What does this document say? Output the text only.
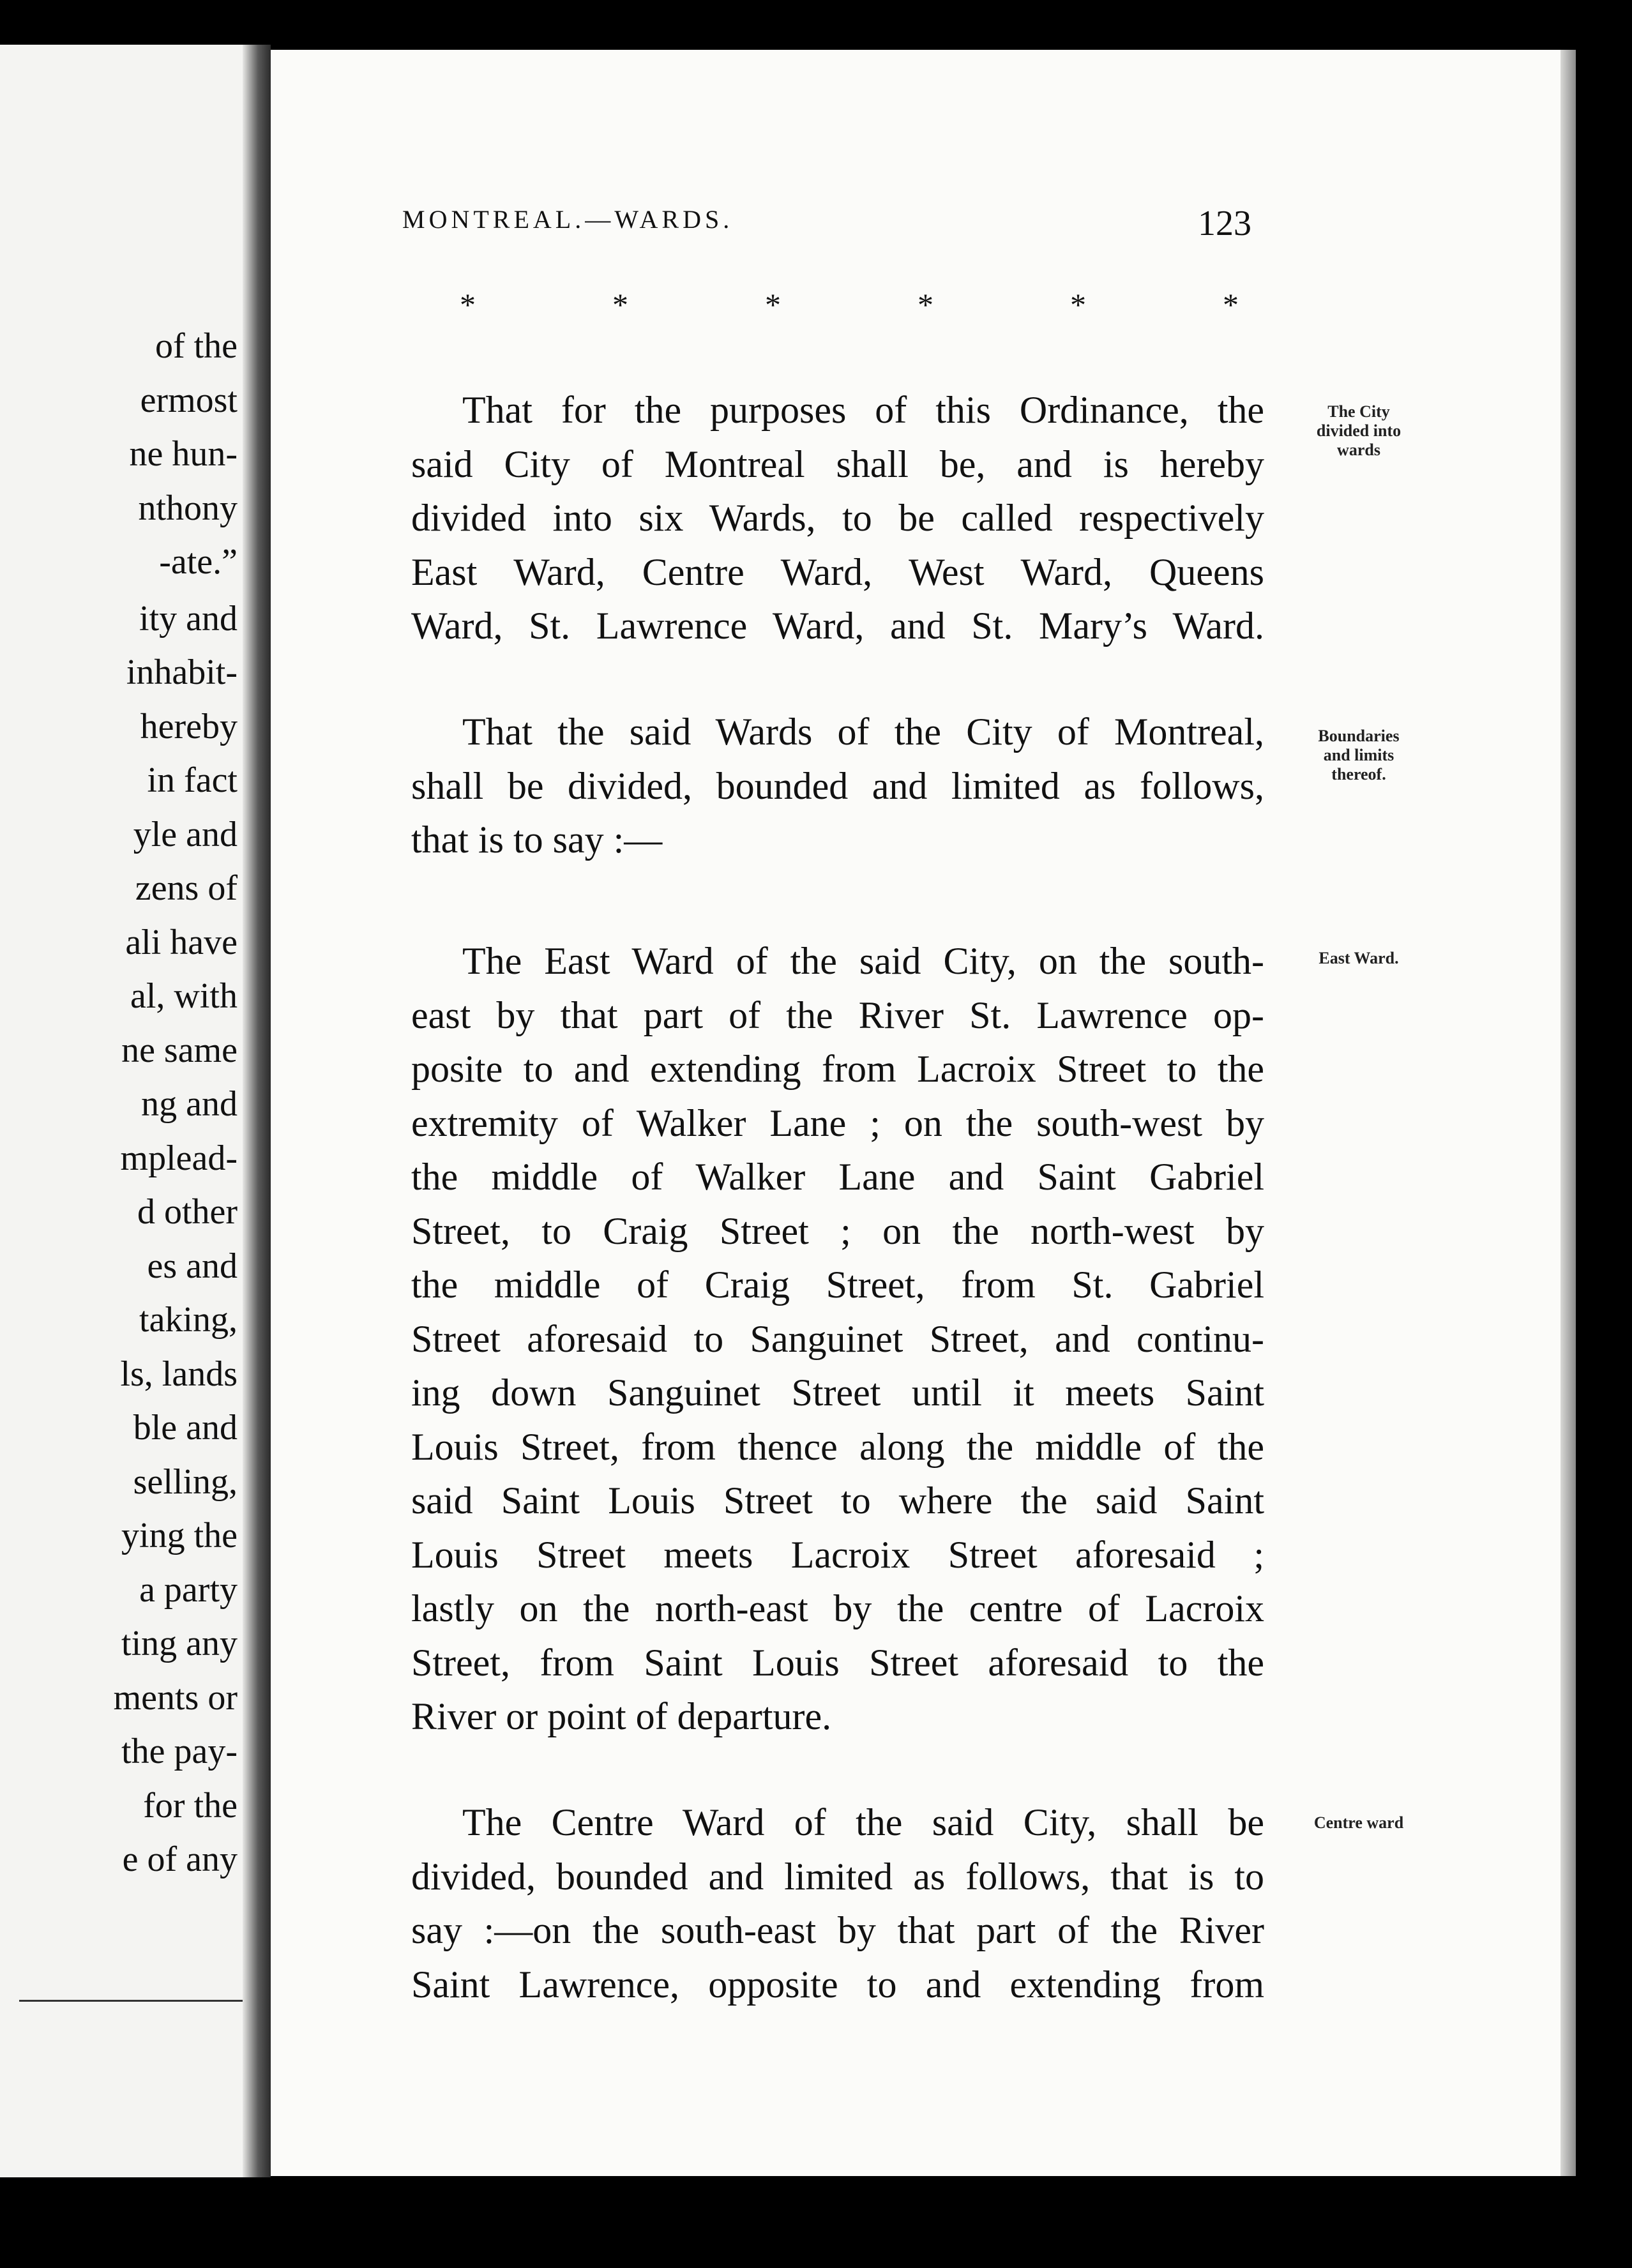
of the
ermost
ne hun-
nthony
-ate.”
ity and
inhabit-
hereby
in fact
yle and
zens of
ali have
al, with
ne same
ng and
mplead-
d other
es and
taking,
ls, lands
ble and
selling,
ying the
a party
ting any
ments or
the pay-
for the
e of any
MONTREAL.—WARDS.	123
*	*	*	*	*	*
That for the purposes of this Ordinance, the
said City of Montreal shall be, and is hereby
divided into six Wards, to be called respectively
East Ward, Centre Ward, West Ward, Queens
Ward, St. Lawrence Ward, and St. Mary’s Ward.
The City
divided into
wards
That the said Wards of the City of Montreal,
shall be divided, bounded and limited as follows,
that is to say :—
Boundaries
and limits
thereof.
The East Ward of the said City, on the south-
east by that part of the River St. Lawrence op-
posite to and extending from Lacroix Street to the
extremity of Walker Lane ; on the south-west by
the middle of Walker Lane and Saint Gabriel
Street, to Craig Street ; on the north-west by
the middle of Craig Street, from St. Gabriel
Street aforesaid to Sanguinet Street, and continu-
ing down Sanguinet Street until it meets Saint
Louis Street, from thence along the middle of the
said Saint Louis Street to where the said Saint
Louis Street meets Lacroix Street aforesaid ;
lastly on the north-east by the centre of Lacroix
Street, from Saint Louis Street aforesaid to the
River or point of departure.
East Ward.
The Centre Ward of the said City, shall be
divided, bounded and limited as follows, that is to
say :—on the south-east by that part of the River
Saint Lawrence, opposite to and extending from
Centre ward
